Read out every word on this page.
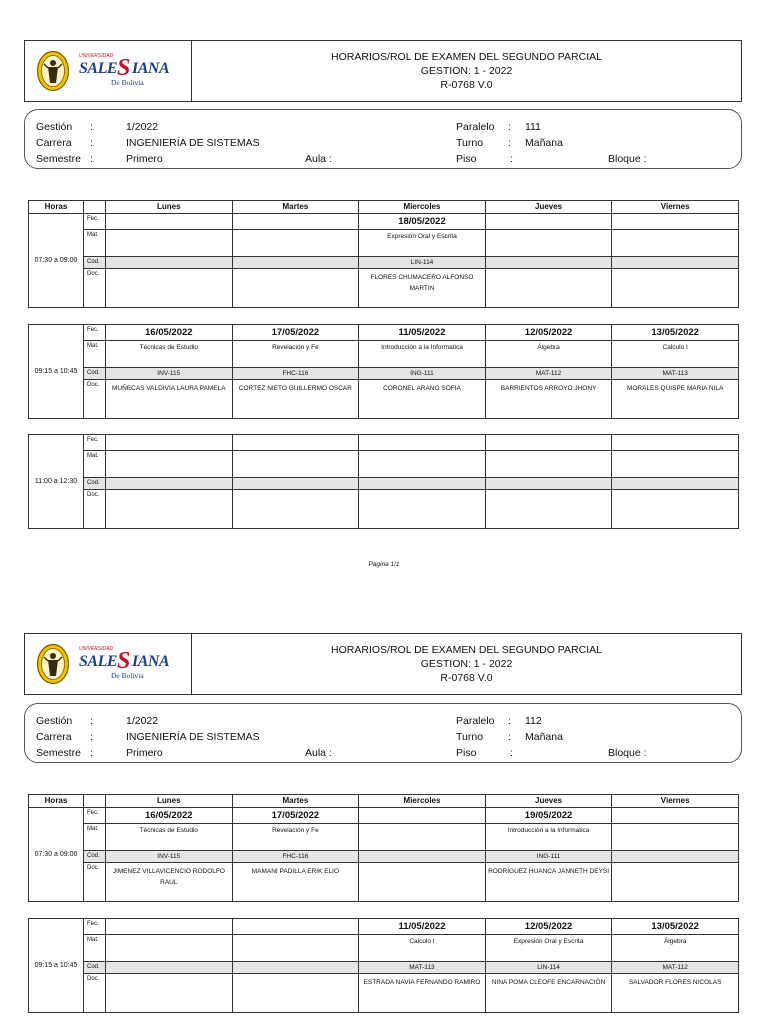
UNIVERSIDAD
SALE S IANA
De Bolivia
HORARIOS/ROL DE EXAMEN DEL SEGUNDO PARCIAL
GESTION: 1 - 2022
R-0768 V.0
Gestión :	1/2022
Carrera :	INGENIERÍA DE SISTEMAS
Semestre :	Primero	Aula :
Paralelo : 111
Turno : Mañana
Piso	:	Bloque :
Horas		Lunes	Martes	Miercoles	Jueves	Viernes
07:30 a 09:00	Fec.			18/05/2022		
	Mat.			Expresión Oral y Escrita		
	Cod.			LIN-114		
	Doc.			FLORES CHUMACERO ALFONSO MARTIN		
09:15 a 10:45	Fec.	16/05/2022	17/05/2022	11/05/2022	12/05/2022	13/05/2022
	Mat.	Técnicas de Estudio	Revelación y Fe	Introducción a la Informatica	Álgebra	Calculo I
	Cod.	INV-115	FHC-116	ING-111	MAT-112	MAT-113
	Doc.	MUÑECAS VALDIVIA LAURA PAMELA	CORTEZ NIETO GUILLERMO OSCAR	CORONEL ARANO SOFIA	BARRIENTOS ARROYO JHONY	MORALES QUISPE MARIA NILA
11:00 a 12:30	Fec.					
	Mat.					
	Cod.					
	Doc.					
Pagina 1/1
UNIVERSIDAD
SALE S IANA
De Bolivia
HORARIOS/ROL DE EXAMEN DEL SEGUNDO PARCIAL
GESTION: 1 - 2022
R-0768 V.0
Gestión :	1/2022
Carrera :	INGENIERÍA DE SISTEMAS
Semestre :	Primero	Aula :
Paralelo : 112
Turno : Mañana
Piso	:	Bloque :
Horas		Lunes	Martes	Miercoles	Jueves	Viernes
07:30 a 09:00	Fec.	16/05/2022	17/05/2022		19/05/2022	
	Mat.	Técnicas de Estudio	Revelación y Fe		Introducción a la Informatica	
	Cod.	INV-115	FHC-116		ING-111	
	Doc.	JIMENEZ VILLAVICENCIO RODOLFO RAUL	MAMANI PADILLA ERIK ELIO		RODRÍGUEZ HUANCA JANNETH DEYSI	
09:15 a 10:45	Fec.			11/05/2022	12/05/2022	13/05/2022
	Mat.			Calculo I	Expresión Oral y Escrita	Álgebra
	Cod.			MAT-113	LIN-114	MAT-112
	Doc.			ESTRADA NAVIA FERNANDO RAMIRO	NINA POMA CLEOFE ENCARNACIÓN	SALVADOR FLORES NICOLAS
